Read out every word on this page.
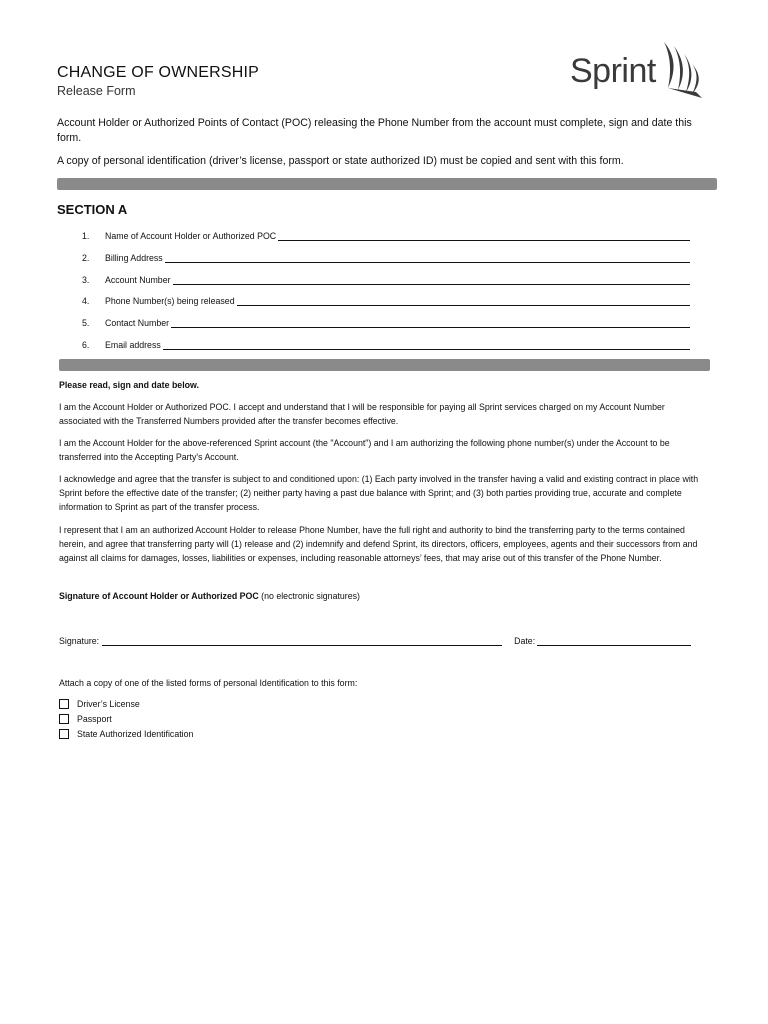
CHANGE OF OWNERSHIP
Release Form
Sprint
Account Holder or Authorized Points of Contact (POC) releasing the Phone Number from the account must complete, sign and date this form.
A copy of personal identification (driver’s license, passport or state authorized ID) must be copied and sent with this form.
SECTION A
1.	Name of Account Holder or Authorized POC
2.	Billing Address
3.	Account Number
4.	Phone Number(s) being released
5.	Contact Number
6.	Email address
Please read, sign and date below.
I am the Account Holder or Authorized POC. I accept and understand that I will be responsible for paying all Sprint services charged on my Account Number associated with the Transferred Numbers provided after the transfer becomes effective.
I am the Account Holder for the above-referenced Sprint account (the "Account") and I am authorizing the following phone number(s) under the Account to be transferred into the Accepting Party's Account.
I acknowledge and agree that the transfer is subject to and conditioned upon: (1) Each party involved in the transfer having a valid and existing contract in place with Sprint before the effective date of the transfer; (2) neither party having a past due balance with Sprint; and (3) both parties providing true, accurate and complete information to Sprint as part of the transfer process.
I represent that I am an authorized Account Holder to release Phone Number, have the full right and authority to bind the transferring party to the terms contained herein, and agree that transferring party will (1) release and (2) indemnify and defend Sprint, its directors, officers, employees, agents and their successors from and against all claims for damages, losses, liabilities or expenses, including reasonable attorneys’ fees, that may arise out of this transfer of the Phone Number.
Signature of Account Holder or Authorized POC (no electronic signatures)
Signature:	Date:
Attach a copy of one of the listed forms of personal Identification to this form:
Driver’s License
Passport
State Authorized Identification
